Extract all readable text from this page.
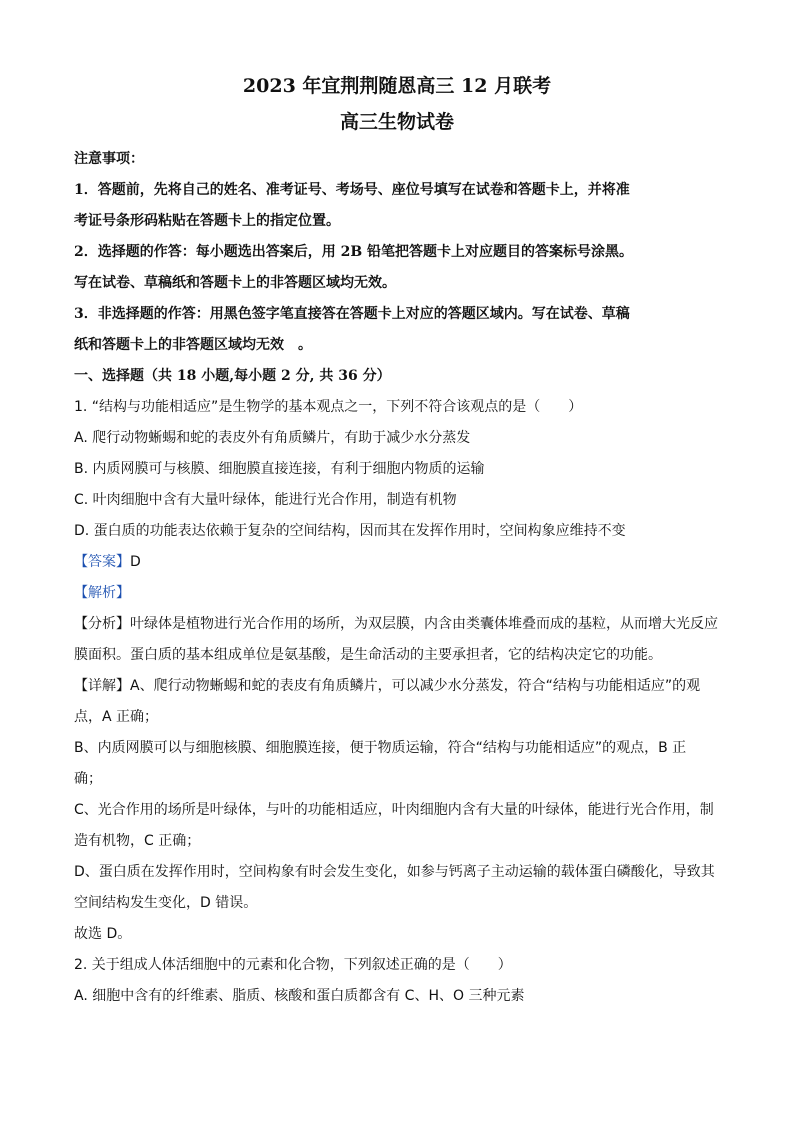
2023 年宜荆荆随恩高三 12 月联考

高三生物试卷

注意事项：

1．答题前，先将自己的姓名、准考证号、考场号、座位号填写在试卷和答题卡上，并将准

考证号条形码粘贴在答题卡上的指定位置。

2．选择题的作答：每小题选出答案后，用 2B 铅笔把答题卡上对应题目的答案标号涂黑。

写在试卷、草稿纸和答题卡上的非答题区域均无效。

3．非选择题的作答：用黑色签字笔直接答在答题卡上对应的答题区域内。写在试卷、草稿

纸和答题卡上的非答题区域均无效　。

一、选择题（共 18 小题,每小题 2 分, 共 36 分）

1. “结构与功能相适应”是生物学的基本观点之一，下列不符合该观点的是（　　）

A. 爬行动物蜥蜴和蛇的表皮外有角质鳞片，有助于减少水分蒸发

B. 内质网膜可与核膜、细胞膜直接连接，有利于细胞内物质的运输

C. 叶肉细胞中含有大量叶绿体，能进行光合作用，制造有机物

D. 蛋白质的功能表达依赖于复杂的空间结构，因而其在发挥作用时，空间构象应维持不变

【答案】D

【解析】

【分析】叶绿体是植物进行光合作用的场所，为双层膜，内含由类囊体堆叠而成的基粒，从而增大光反应

膜面积。蛋白质的基本组成单位是氨基酸，是生命活动的主要承担者，它的结构决定它的功能。

【详解】A、爬行动物蜥蜴和蛇的表皮有角质鳞片，可以减少水分蒸发，符合“结构与功能相适应”的观

点，A 正确；

B、内质网膜可以与细胞核膜、细胞膜连接，便于物质运输，符合“结构与功能相适应”的观点，B 正

确；

C、光合作用的场所是叶绿体，与叶的功能相适应，叶肉细胞内含有大量的叶绿体，能进行光合作用，制

造有机物，C 正确；

D、蛋白质在发挥作用时，空间构象有时会发生变化，如参与钙离子主动运输的载体蛋白磷酸化，导致其

空间结构发生变化，D 错误。

故选 D。

2. 关于组成人体活细胞中的元素和化合物，下列叙述正确的是（　　）

A. 细胞中含有的纤维素、脂质、核酸和蛋白质都含有 C、H、O 三种元素
